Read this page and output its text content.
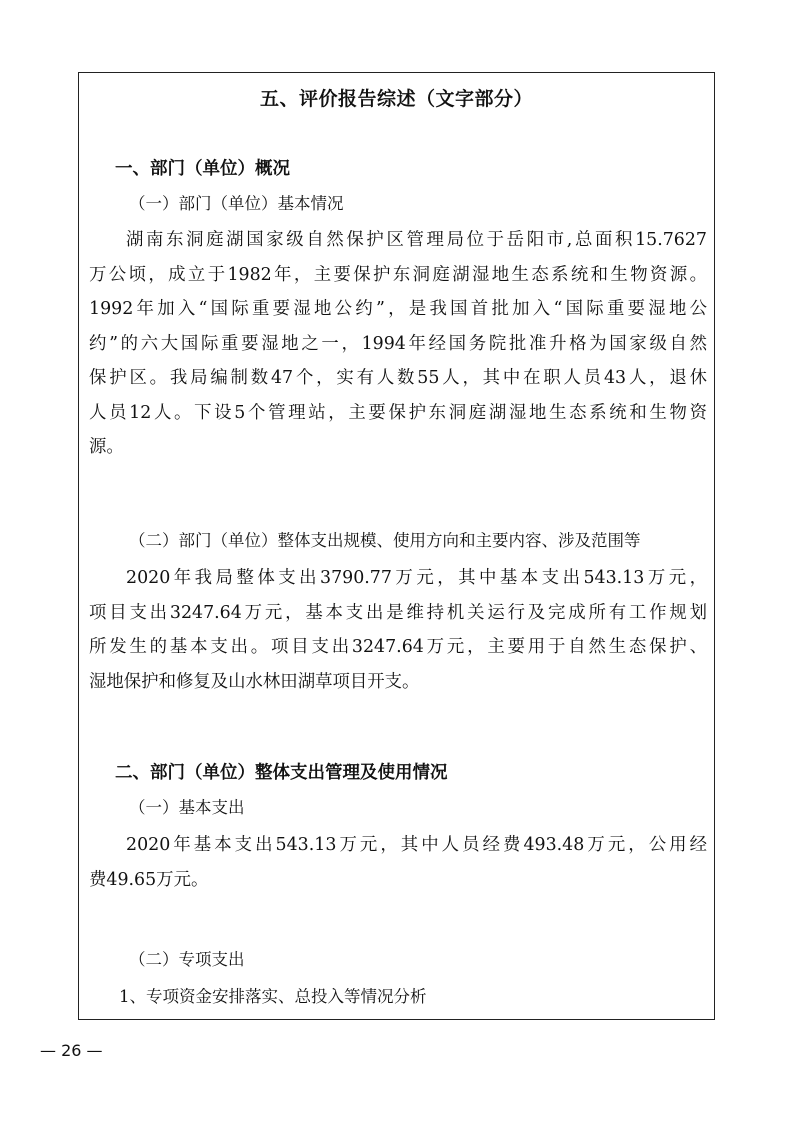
五、评价报告综述（文字部分）
一、部门（单位）概况
（一）部门（单位）基本情况
湖南东洞庭湖国家级自然保护区管理局位于岳阳市,总面积15.7627
万公顷，成立于1982年，主要保护东洞庭湖湿地生态系统和生物资源。
1992年加入“国际重要湿地公约”，是我国首批加入“国际重要湿地公
约”的六大国际重要湿地之一，1994年经国务院批准升格为国家级自然
保护区。我局编制数47个，实有人数55人，其中在职人员43人，退休
人员12人。下设5个管理站，主要保护东洞庭湖湿地生态系统和生物资
源。
（二）部门（单位）整体支出规模、使用方向和主要内容、涉及范围等
2020年我局整体支出3790.77万元，其中基本支出543.13万元，
项目支出3247.64万元，基本支出是维持机关运行及完成所有工作规划
所发生的基本支出。项目支出3247.64万元，主要用于自然生态保护、
湿地保护和修复及山水林田湖草项目开支。
二、部门（单位）整体支出管理及使用情况
（一）基本支出
2020年基本支出543.13万元，其中人员经费493.48万元，公用经
费49.65万元。
（二）专项支出
1、专项资金安排落实、总投入等情况分析
— 26 —
